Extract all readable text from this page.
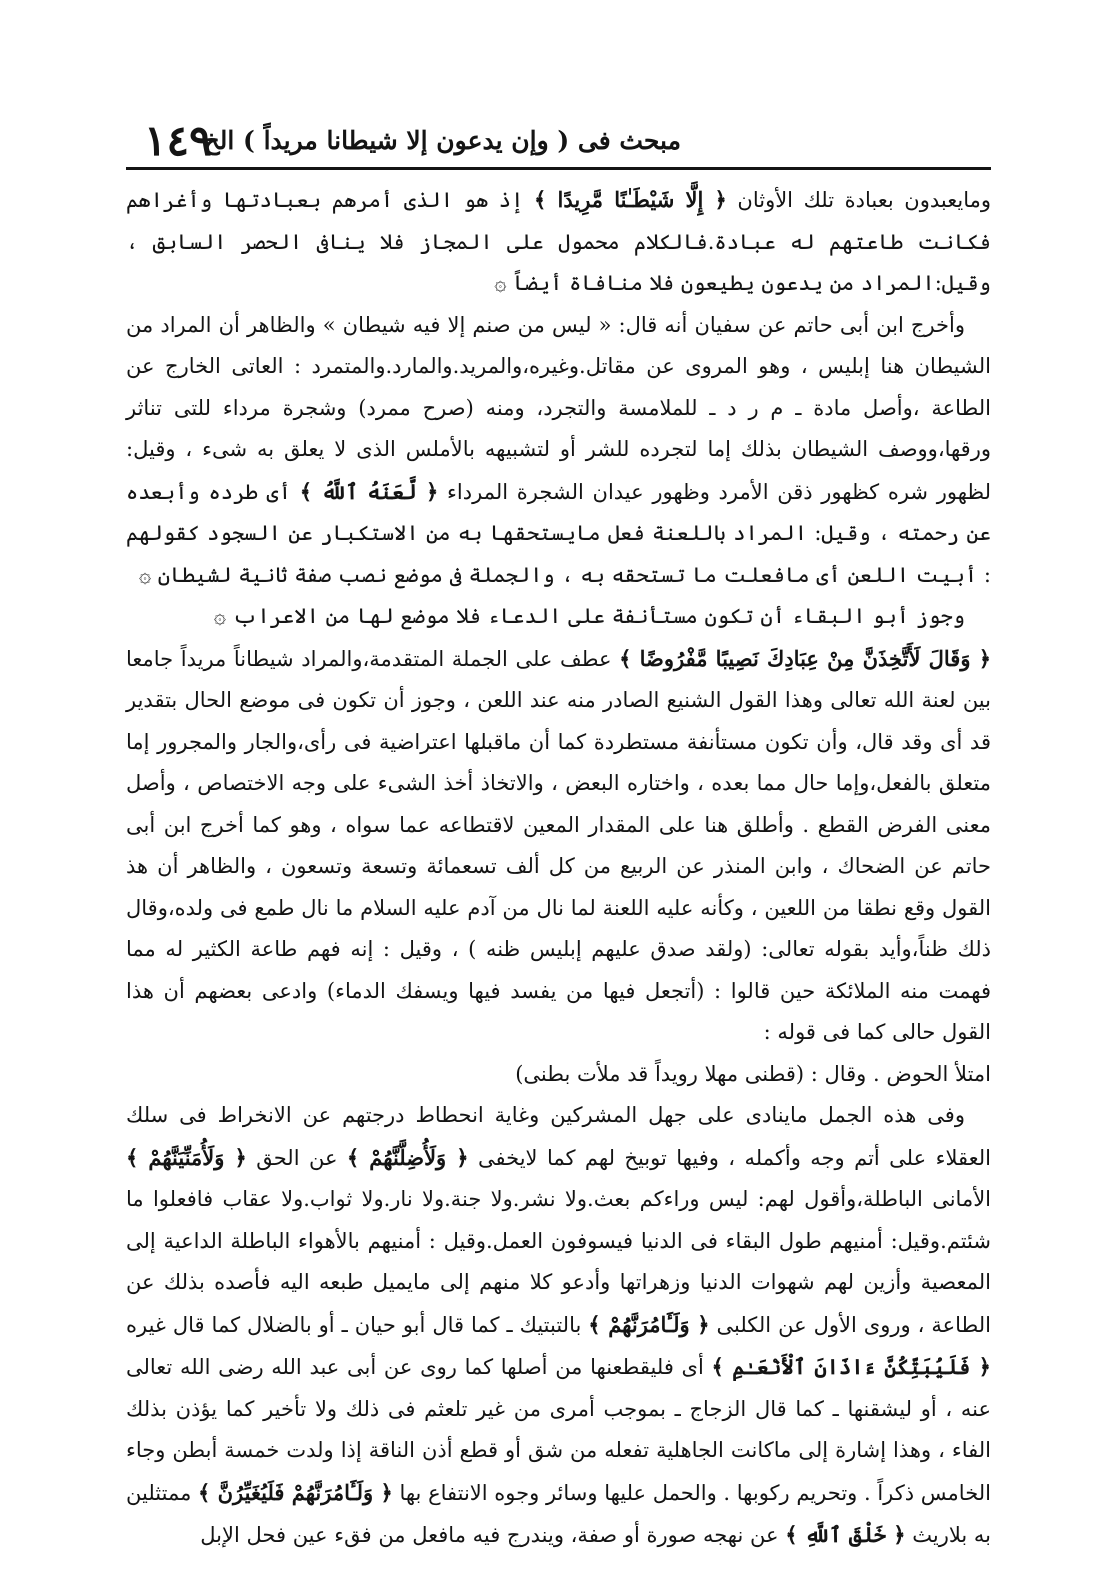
١٤٩
مبحث فى ( وإن يدعون إلا شيطانا مريداً ) الخ

ومايعبدون بعبادة تلك الأوثان ﴿ إِلَّا شَيْطَـٰنًا مَّرِيدًا ﴾ إذ هو الذى أمرهم بعبادتها وأغراهم فكانت طاعتهم له عبادة.فالكلام محمول على المجاز فلا ينافى الحصر السابق ، وقيل:المراد من يدعون يطيعون فلا منافاة أيضاً ۞

وأخرج ابن أبى حاتم عن سفيان أنه قال: « ليس من صنم إلا فيه شيطان » والظاهر أن المراد من الشيطان هنا إبليس ، وهو المروى عن مقاتل.وغيره،والمريد.والمارد.والمتمرد : العاتى الخارج عن الطاعة ،وأصل مادة ـ م ر د ـ للملامسة والتجرد، ومنه (صرح ممرد) وشجرة مرداء للتى تناثر ورقها،ووصف الشيطان بذلك إما لتجرده للشر أو لتشبيهه بالأملس الذى لا يعلق به شىء ، وقيل: لظهور شره كظهور ذقن الأمرد وظهور عيدان الشجرة المرداء ﴿ لَّعَنَهُ ٱللَّهُ ﴾ أى طرده وأبعده عن رحمته ، وقيل: المراد باللعنة فعل مايستحقها به من الاستكبار عن السجود كقولهم : أبيت اللعن أى مافعلت ما تستحقه به ، والجملة فى موضع نصب صفة ثانية لشيطان ۞

وجوز أبو البقاء أن تكون مستأنفة على الدعاء فلا موضع لها من الاعراب ۞

﴿ وَقَالَ لَأَتَّخِذَنَّ مِنْ عِبَادِكَ نَصِيبًا مَّفْرُوضًا ﴾ عطف على الجملة المتقدمة،والمراد شيطاناً مريداً جامعا بين لعنة الله تعالى وهذا القول الشنيع الصادر منه عند اللعن ، وجوز أن تكون فى موضع الحال بتقدير قد أى وقد قال، وأن تكون مستأنفة مستطردة كما أن ماقبلها اعتراضية فى رأى،والجار والمجرور إما متعلق بالفعل،وإما حال مما بعده ، واختاره البعض ، والاتخاذ أخذ الشىء على وجه الاختصاص ، وأصل معنى الفرض القطع . وأطلق هنا على المقدار المعين لاقتطاعه عما سواه ، وهو كما أخرج ابن أبى حاتم عن الضحاك ، وابن المنذر عن الربيع من كل ألف تسعمائة وتسعة وتسعون ، والظاهر أن هذ القول وقع نطقا من اللعين ، وكأنه عليه اللعنة لما نال من آدم عليه السلام ما نال طمع فى ولده،وقال ذلك ظناً،وأيد بقوله تعالى: (ولقد صدق عليهم إبليس ظنه ) ، وقيل : إنه فهم طاعة الكثير له مما فهمت منه الملائكة حين قالوا : (أتجعل فيها من يفسد فيها ويسفك الدماء) وادعى بعضهم أن هذا القول حالى كما فى قوله :

امتلأ الحوض . وقال : (قطنى مهلا رويداً قد ملأت بطنى)

وفى هذه الجمل ماينادى على جهل المشركين وغاية انحطاط درجتهم عن الانخراط فى سلك العقلاء على أتم وجه وأكمله ، وفيها توبيخ لهم كما لايخفى ﴿ وَلَأُضِلَّنَّهُمْ ﴾ عن الحق ﴿ وَلَأُمَنِّيَنَّهُمْ ﴾ الأمانى الباطلة،وأقول لهم: ليس وراءكم بعث.ولا نشر.ولا جنة.ولا نار.ولا ثواب.ولا عقاب فافعلوا ما شئتم.وقيل: أمنيهم طول البقاء فى الدنيا فيسوفون العمل.وقيل : أمنيهم بالأهواء الباطلة الداعية إلى المعصية وأزين لهم شهوات الدنيا وزهراتها وأدعو كلا منهم إلى مايميل طبعه اليه فأصده بذلك عن الطاعة ، وروى الأول عن الكلبى ﴿ وَلَـَٔامُرَنَّهُمْ ﴾ بالتبتيك ـ كما قال أبو حيان ـ أو بالضلال كما قال غيره ﴿ فَلَيُبَتِّكُنَّ ءَاذَانَ ٱلْأَنْعَـٰمِ ﴾ أى فليقطعنها من أصلها كما روى عن أبى عبد الله رضى الله تعالى عنه ، أو ليشقنها ـ كما قال الزجاج ـ بموجب أمرى من غير تلعثم فى ذلك ولا تأخير كما يؤذن بذلك الفاء ، وهذا إشارة إلى ماكانت الجاهلية تفعله من شق أو قطع أذن الناقة إذا ولدت خمسة أبطن وجاء الخامس ذكراً . وتحريم ركوبها . والحمل عليها وسائر وجوه الانتفاع بها ﴿ وَلَـَٔامُرَنَّهُمْ فَلَيُغَيِّرُنَّ ﴾ ممتثلين به بلاريث ﴿ خَلْقَ ٱللَّهِ ﴾ عن نهجه صورة أو صفة، ويندرج فيه مافعل من فقء عين فحل الإبل
